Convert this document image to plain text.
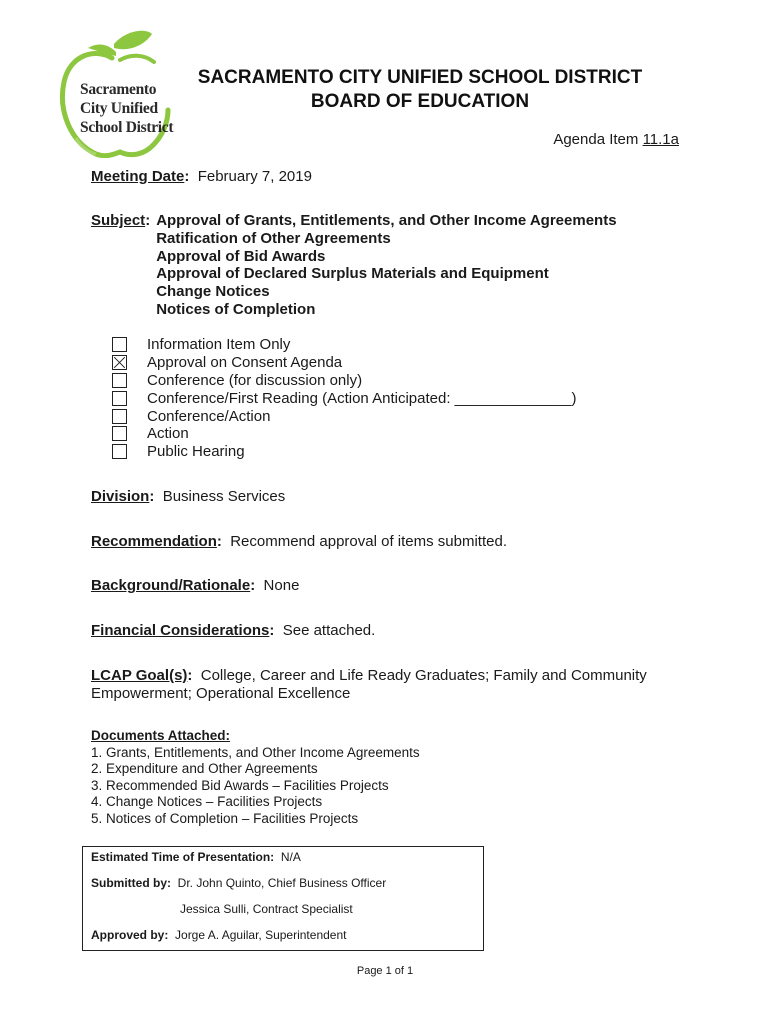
Sacramento
City Unified
School District
SACRAMENTO CITY UNIFIED SCHOOL DISTRICT
BOARD OF EDUCATION
Agenda Item 11.1a
Meeting Date: February 7, 2019
Subject: Approval of Grants, Entitlements, and Other Income Agreements
Ratification of Other Agreements
Approval of Bid Awards
Approval of Declared Surplus Materials and Equipment
Change Notices
Notices of Completion
Information Item Only
Approval on Consent Agenda
Conference (for discussion only)
Conference/First Reading (Action Anticipated: ______________)
Conference/Action
Action
Public Hearing
Division: Business Services
Recommendation: Recommend approval of items submitted.
Background/Rationale: None
Financial Considerations: See attached.
LCAP Goal(s): College, Career and Life Ready Graduates; Family and Community
Empowerment; Operational Excellence
Documents Attached:
1. Grants, Entitlements, and Other Income Agreements
2. Expenditure and Other Agreements
3. Recommended Bid Awards – Facilities Projects
4. Change Notices – Facilities Projects
5. Notices of Completion – Facilities Projects
Estimated Time of Presentation: N/A
Submitted by: Dr. John Quinto, Chief Business Officer
Jessica Sulli, Contract Specialist
Approved by: Jorge A. Aguilar, Superintendent
Page 1 of 1
